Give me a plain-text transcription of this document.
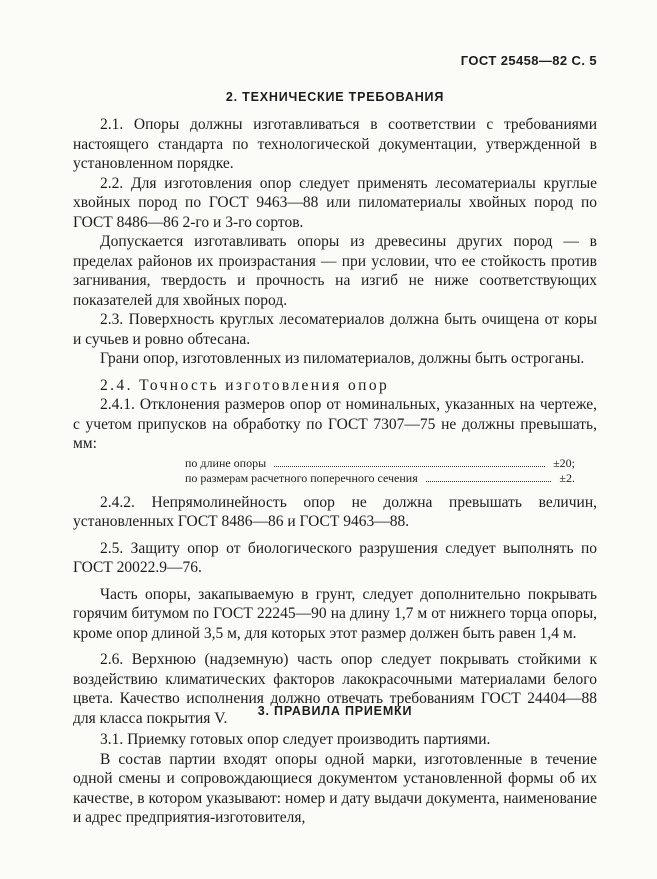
ГОСТ 25458—82 С. 5
2. ТЕХНИЧЕСКИЕ ТРЕБОВАНИЯ

2.1. Опоры должны изготавливаться в соответствии с требованиями настоящего стандарта по технологической документации, утвержденной в установленном порядке.

2.2. Для изготовления опор следует применять лесоматериалы круглые хвойных пород по ГОСТ 9463—88 или пиломатериалы хвойных пород по ГОСТ 8486—86 2-го и 3-го сортов.

Допускается изготавливать опоры из древесины других пород — в пределах районов их произрастания — при условии, что ее стойкость против загнивания, твердость и прочность на изгиб не ниже соответствующих показателей для хвойных пород.

2.3. Поверхность круглых лесоматериалов должна быть очищена от коры и сучьев и ровно обтесана.

Грани опор, изготовленных из пиломатериалов, должны быть остроганы.

2.4. Точность изготовления опор

2.4.1. Отклонения размеров опор от номинальных, указанных на чертеже, с учетом припусков на обработку по ГОСТ 7307—75 не должны превышать, мм:

по длине опоры	±20;
по размерам расчетного поперечного сечения	±2.

2.4.2. Непрямолинейность опор не должна превышать величин, установленных ГОСТ 8486—86 и ГОСТ 9463—88.

2.5. Защиту опор от биологического разрушения следует выполнять по ГОСТ 20022.9—76.

Часть опоры, закапываемую в грунт, следует дополнительно покрывать горячим битумом по ГОСТ 22245—90 на длину 1,7 м от нижнего торца опоры, кроме опор длиной 3,5 м, для которых этот размер должен быть равен 1,4 м.

2.6. Верхнюю (надземную) часть опор следует покрывать стойкими к воздействию климатических факторов лакокрасочными материалами белого цвета. Качество исполнения должно отвечать требованиям ГОСТ 24404—88 для класса покрытия V.	3. ПРАВИЛА ПРИЕМКИ

3.1. Приемку готовых опор следует производить партиями.

В состав партии входят опоры одной марки, изготовленные в течение одной смены и сопровождающиеся документом установленной формы об их качестве, в котором указывают: номер и дату выдачи документа, наименование и адрес предприятия-изготовителя,
